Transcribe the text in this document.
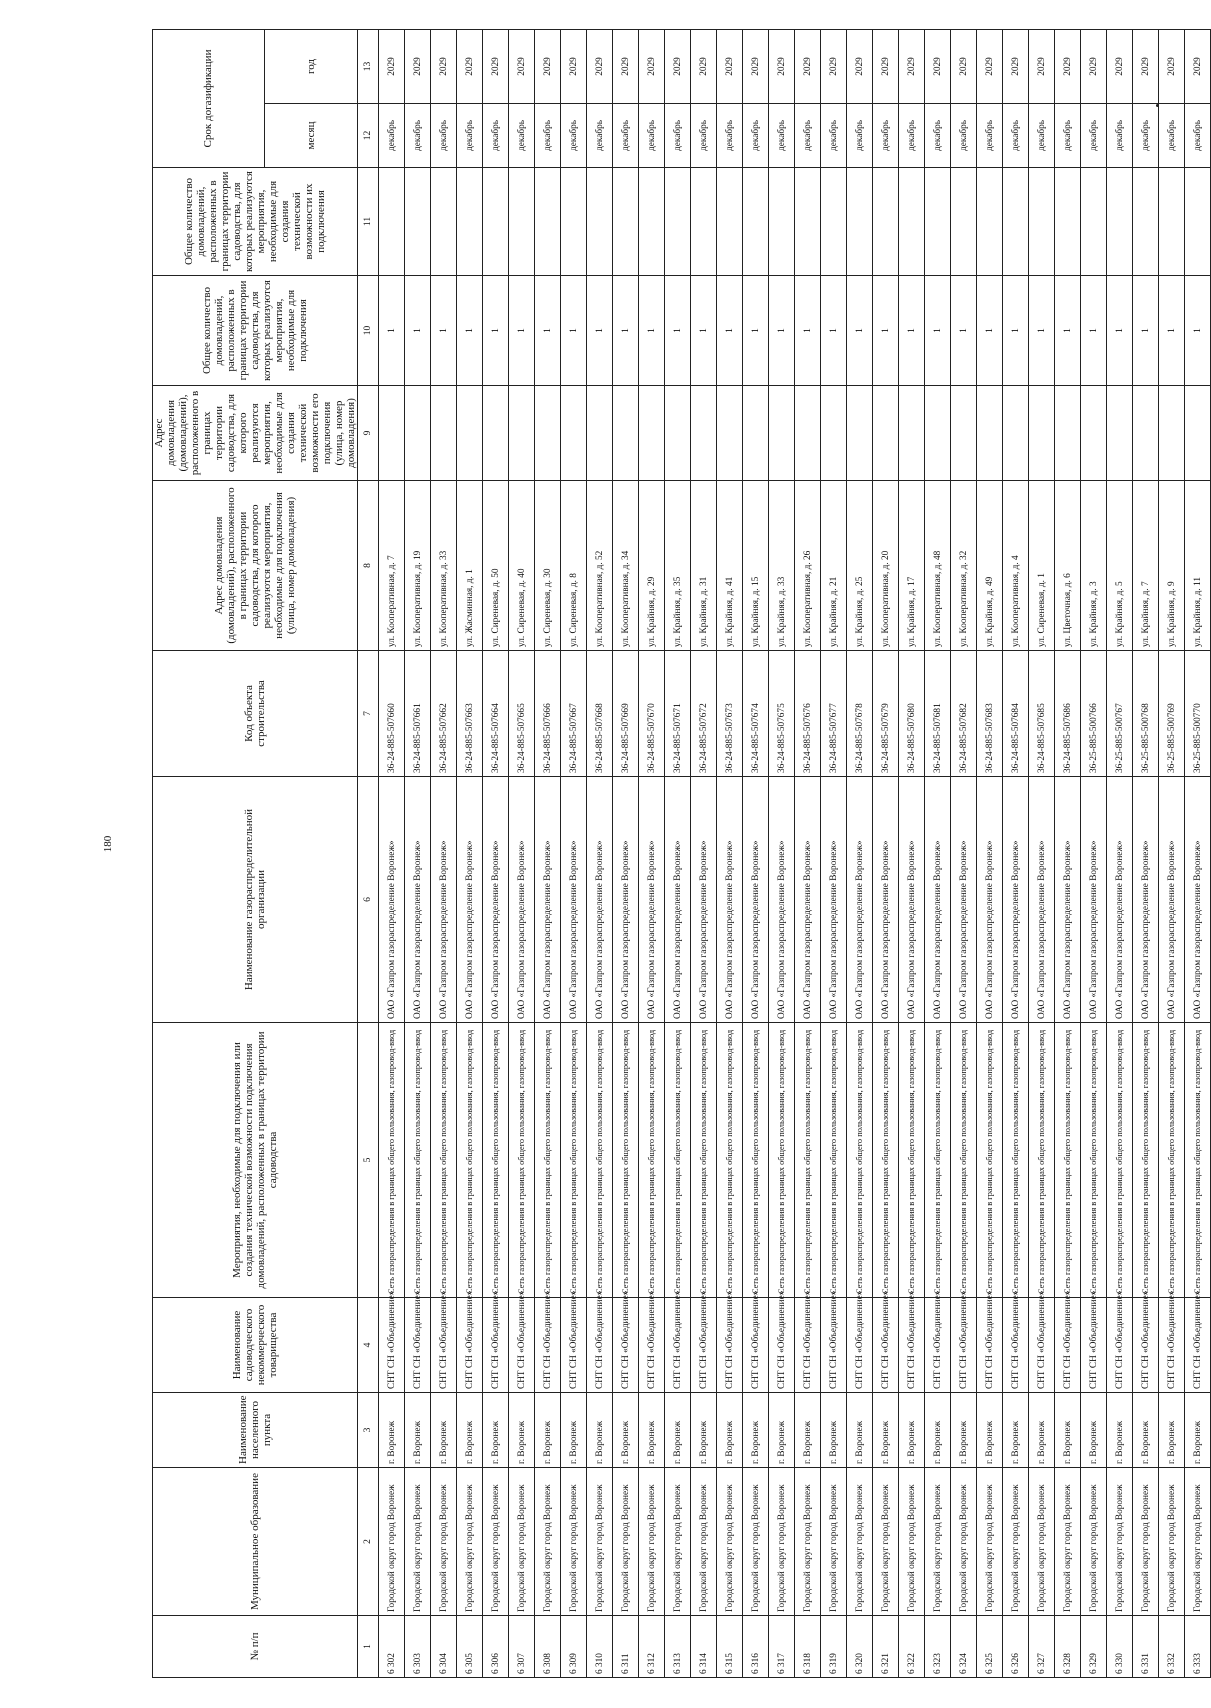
180
№ п/п	Муниципальное образование	Наименование населенного пункта	Наименование садоводческого некоммерческого товарищества	Мероприятия, необходимые для подключения или создания технической возможности подключения домовладений, расположенных в границах территории садоводства	Наименование газораспределительной организации	Код объекта строительства	Адрес домовладения (домовладений), расположенного в границах территории садоводства, для которого реализуются мероприятия, необходимые для подключения (улица, номер домовладения)	Адрес домовладения (домовладений), расположенного в границах территории садоводства, для которого реализуются мероприятия, необходимые для создания технической возможности его подключения (улица, номер домовладения)	Общее количество домовладений, расположенных в границах территории садоводства, для которых реализуются мероприятия, необходимые для подключения	Общее количество домовладений, расположенных в границах территории садоводства, для которых реализуются мероприятия, необходимые для создания технической возможности их подключения	Срок догазификации	
											месяц	год
1	2	3	4	5	6	7	8	9	10	11	12	13
6 302	Городской округ город Воронеж	г. Воронеж	СНТ СН «Объединение»	Сеть газораспределения в границах общего пользования, газопровод-ввод	ОАО «Газпром газораспределение Воронеж»	36-24-885-507660	ул. Кооперативная, д. 7		1		декабрь	2029
6 303	Городской округ город Воронеж	г. Воронеж	СНТ СН «Объединение»	Сеть газораспределения в границах общего пользования, газопровод-ввод	ОАО «Газпром газораспределение Воронеж»	36-24-885-507661	ул. Кооперативная, д. 19		1		декабрь	2029
6 304	Городской округ город Воронеж	г. Воронеж	СНТ СН «Объединение»	Сеть газораспределения в границах общего пользования, газопровод-ввод	ОАО «Газпром газораспределение Воронеж»	36-24-885-507662	ул. Кооперативная, д. 33		1		декабрь	2029
6 305	Городской округ город Воронеж	г. Воронеж	СНТ СН «Объединение»	Сеть газораспределения в границах общего пользования, газопровод-ввод	ОАО «Газпром газораспределение Воронеж»	36-24-885-507663	ул. Жасминная, д. 1		1		декабрь	2029
6 306	Городской округ город Воронеж	г. Воронеж	СНТ СН «Объединение»	Сеть газораспределения в границах общего пользования, газопровод-ввод	ОАО «Газпром газораспределение Воронеж»	36-24-885-507664	ул. Сиреневая, д. 50		1		декабрь	2029
6 307	Городской округ город Воронеж	г. Воронеж	СНТ СН «Объединение»	Сеть газораспределения в границах общего пользования, газопровод-ввод	ОАО «Газпром газораспределение Воронеж»	36-24-885-507665	ул. Сиреневая, д. 40		1		декабрь	2029
6 308	Городской округ город Воронеж	г. Воронеж	СНТ СН «Объединение»	Сеть газораспределения в границах общего пользования, газопровод-ввод	ОАО «Газпром газораспределение Воронеж»	36-24-885-507666	ул. Сиреневая, д. 30		1		декабрь	2029
6 309	Городской округ город Воронеж	г. Воронеж	СНТ СН «Объединение»	Сеть газораспределения в границах общего пользования, газопровод-ввод	ОАО «Газпром газораспределение Воронеж»	36-24-885-507667	ул. Сиреневая, д. 8		1		декабрь	2029
6 310	Городской округ город Воронеж	г. Воронеж	СНТ СН «Объединение»	Сеть газораспределения в границах общего пользования, газопровод-ввод	ОАО «Газпром газораспределение Воронеж»	36-24-885-507668	ул. Кооперативная, д. 52		1		декабрь	2029
6 311	Городской округ город Воронеж	г. Воронеж	СНТ СН «Объединение»	Сеть газораспределения в границах общего пользования, газопровод-ввод	ОАО «Газпром газораспределение Воронеж»	36-24-885-507669	ул. Кооперативная, д. 34		1		декабрь	2029
6 312	Городской округ город Воронеж	г. Воронеж	СНТ СН «Объединение»	Сеть газораспределения в границах общего пользования, газопровод-ввод	ОАО «Газпром газораспределение Воронеж»	36-24-885-507670	ул. Крайняя, д. 29		1		декабрь	2029
6 313	Городской округ город Воронеж	г. Воронеж	СНТ СН «Объединение»	Сеть газораспределения в границах общего пользования, газопровод-ввод	ОАО «Газпром газораспределение Воронеж»	36-24-885-507671	ул. Крайняя, д. 35		1		декабрь	2029
6 314	Городской округ город Воронеж	г. Воронеж	СНТ СН «Объединение»	Сеть газораспределения в границах общего пользования, газопровод-ввод	ОАО «Газпром газораспределение Воронеж»	36-24-885-507672	ул. Крайняя, д. 31		1		декабрь	2029
6 315	Городской округ город Воронеж	г. Воронеж	СНТ СН «Объединение»	Сеть газораспределения в границах общего пользования, газопровод-ввод	ОАО «Газпром газораспределение Воронеж»	36-24-885-507673	ул. Крайняя, д. 41		1		декабрь	2029
6 316	Городской округ город Воронеж	г. Воронеж	СНТ СН «Объединение»	Сеть газораспределения в границах общего пользования, газопровод-ввод	ОАО «Газпром газораспределение Воронеж»	36-24-885-507674	ул. Крайняя, д. 15		1		декабрь	2029
6 317	Городской округ город Воронеж	г. Воронеж	СНТ СН «Объединение»	Сеть газораспределения в границах общего пользования, газопровод-ввод	ОАО «Газпром газораспределение Воронеж»	36-24-885-507675	ул. Крайняя, д. 33		1		декабрь	2029
6 318	Городской округ город Воронеж	г. Воронеж	СНТ СН «Объединение»	Сеть газораспределения в границах общего пользования, газопровод-ввод	ОАО «Газпром газораспределение Воронеж»	36-24-885-507676	ул. Кооперативная, д. 26		1		декабрь	2029
6 319	Городской округ город Воронеж	г. Воронеж	СНТ СН «Объединение»	Сеть газораспределения в границах общего пользования, газопровод-ввод	ОАО «Газпром газораспределение Воронеж»	36-24-885-507677	ул. Крайняя, д. 21		1		декабрь	2029
6 320	Городской округ город Воронеж	г. Воронеж	СНТ СН «Объединение»	Сеть газораспределения в границах общего пользования, газопровод-ввод	ОАО «Газпром газораспределение Воронеж»	36-24-885-507678	ул. Крайняя, д. 25		1		декабрь	2029
6 321	Городской округ город Воронеж	г. Воронеж	СНТ СН «Объединение»	Сеть газораспределения в границах общего пользования, газопровод-ввод	ОАО «Газпром газораспределение Воронеж»	36-24-885-507679	ул. Кооперативная, д. 20		1		декабрь	2029
6 322	Городской округ город Воронеж	г. Воронеж	СНТ СН «Объединение»	Сеть газораспределения в границах общего пользования, газопровод-ввод	ОАО «Газпром газораспределение Воронеж»	36-24-885-507680	ул. Крайняя, д. 17		1		декабрь	2029
6 323	Городской округ город Воронеж	г. Воронеж	СНТ СН «Объединение»	Сеть газораспределения в границах общего пользования, газопровод-ввод	ОАО «Газпром газораспределение Воронеж»	36-24-885-507681	ул. Кооперативная, д. 48		1		декабрь	2029
6 324	Городской округ город Воронеж	г. Воронеж	СНТ СН «Объединение»	Сеть газораспределения в границах общего пользования, газопровод-ввод	ОАО «Газпром газораспределение Воронеж»	36-24-885-507682	ул. Кооперативная, д. 32		1		декабрь	2029
6 325	Городской округ город Воронеж	г. Воронеж	СНТ СН «Объединение»	Сеть газораспределения в границах общего пользования, газопровод-ввод	ОАО «Газпром газораспределение Воронеж»	36-24-885-507683	ул. Крайняя, д. 49		1		декабрь	2029
6 326	Городской округ город Воронеж	г. Воронеж	СНТ СН «Объединение»	Сеть газораспределения в границах общего пользования, газопровод-ввод	ОАО «Газпром газораспределение Воронеж»	36-24-885-507684	ул. Кооперативная, д. 4		1		декабрь	2029
6 327	Городской округ город Воронеж	г. Воронеж	СНТ СН «Объединение»	Сеть газораспределения в границах общего пользования, газопровод-ввод	ОАО «Газпром газораспределение Воронеж»	36-24-885-507685	ул. Сиреневая, д. 1		1		декабрь	2029
6 328	Городской округ город Воронеж	г. Воронеж	СНТ СН «Объединение»	Сеть газораспределения в границах общего пользования, газопровод-ввод	ОАО «Газпром газораспределение Воронеж»	36-24-885-507686	ул. Цветочная, д. 6		1		декабрь	2029
6 329	Городской округ город Воронеж	г. Воронеж	СНТ СН «Объединение»	Сеть газораспределения в границах общего пользования, газопровод-ввод	ОАО «Газпром газораспределение Воронеж»	36-25-885-500766	ул. Крайняя, д. 3		1		декабрь	2029
6 330	Городской округ город Воронеж	г. Воронеж	СНТ СН «Объединение»	Сеть газораспределения в границах общего пользования, газопровод-ввод	ОАО «Газпром газораспределение Воронеж»	36-25-885-500767	ул. Крайняя, д. 5		1		декабрь	2029
6 331	Городской округ город Воронеж	г. Воронеж	СНТ СН «Объединение»	Сеть газораспределения в границах общего пользования, газопровод-ввод	ОАО «Газпром газораспределение Воронеж»	36-25-885-500768	ул. Крайняя, д. 7		1		декабрь	2029
6 332	Городской округ город Воронеж	г. Воронеж	СНТ СН «Объединение»	Сеть газораспределения в границах общего пользования, газопровод-ввод	ОАО «Газпром газораспределение Воронеж»	36-25-885-500769	ул. Крайняя, д. 9		1		декабрь	2029
6 333	Городской округ город Воронеж	г. Воронеж	СНТ СН «Объединение»	Сеть газораспределения в границах общего пользования, газопровод-ввод	ОАО «Газпром газораспределение Воронеж»	36-25-885-500770	ул. Крайняя, д. 11		1		декабрь	2029
